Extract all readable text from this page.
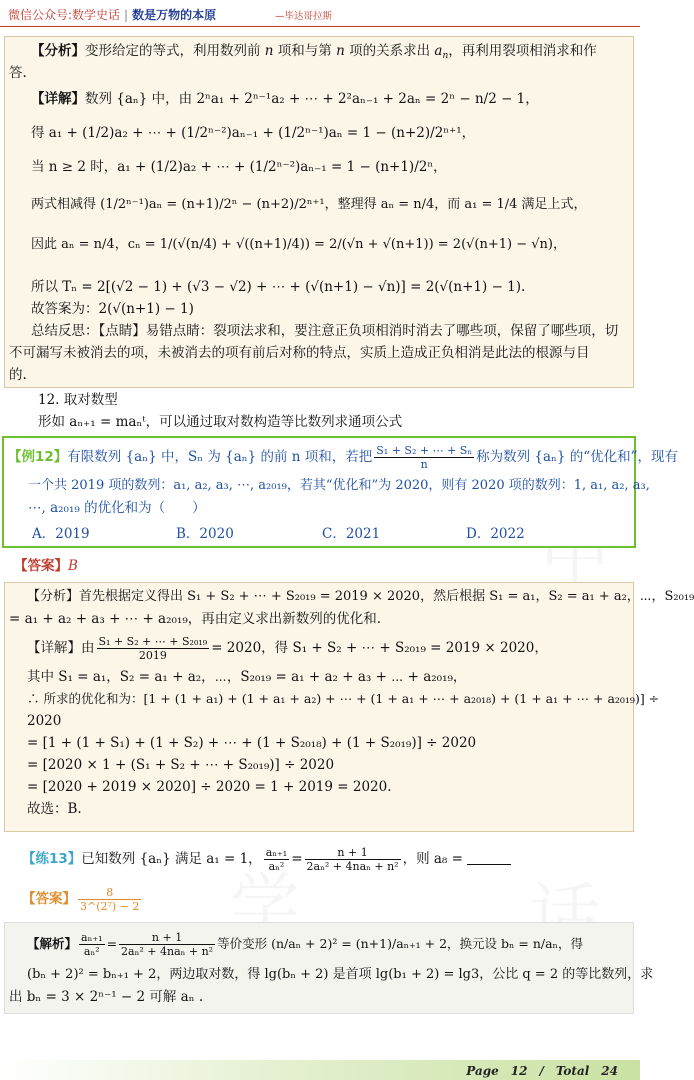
微信公众号:数学史话 | 数是万物的本原	—毕达哥拉斯
【分析】变形给定的等式，利用数列前 n 项和与第 n 项的关系求出 $a_n$，再利用裂项相消求和作
答.
【详解】数列 {aₙ} 中，由 2ⁿa₁ + 2ⁿ⁻¹a₂ + ⋯ + 2²aₙ₋₁ + 2aₙ = 2ⁿ − n/2 − 1，
得 a₁ + (1/2)a₂ + ⋯ + (1/2ⁿ⁻²)aₙ₋₁ + (1/2ⁿ⁻¹)aₙ = 1 − (n+2)/2ⁿ⁺¹，
当 n ≥ 2 时，a₁ + (1/2)a₂ + ⋯ + (1/2ⁿ⁻²)aₙ₋₁ = 1 − (n+1)/2ⁿ，
两式相减得 (1/2ⁿ⁻¹)aₙ = (n+1)/2ⁿ − (n+2)/2ⁿ⁺¹，整理得 aₙ = n/4，而 a₁ = 1/4 满足上式，
因此 aₙ = n/4，cₙ = 1/(√(n/4) + √((n+1)/4)) = 2/(√n + √(n+1)) = 2(√(n+1) − √n)，
所以 Tₙ = 2[(√2 − 1) + (√3 − √2) + ⋯ + (√(n+1) − √n)] = 2(√(n+1) − 1).
故答案为：2(√(n+1) − 1)
总结反思：【点睛】易错点睛：裂项法求和，要注意正负项相消时消去了哪些项，保留了哪些项，切
不可漏写未被消去的项，未被消去的项有前后对称的特点，实质上造成正负相消是此法的根源与目
的.
12. 取对数型
形如 aₙ₊₁ = maₙᵗ，可以通过取对数构造等比数列求通项公式
【例12】有限数列 {aₙ} 中，Sₙ 为 {aₙ} 的前 n 项和，若把 $\frac{\text{S₁ + S₂ + ⋯ + Sₙ}}{n}$ 称为数列 {aₙ} 的“优化和”，现有
一个共 2019 项的数列：a₁, a₂, a₃, ⋯, a₂₀₁₉，若其“优化和”为 2020，则有 2020 项的数列：1, a₁, a₂, a₃,
⋯, a₂₀₁₉ 的优化和为（　　）
A．2019	B．2020	C．2021	D．2022
【答案】B
【分析】首先根据定义得出 S₁ + S₂ + ⋯ + S₂₀₁₉ = 2019 × 2020，然后根据 S₁ = a₁，S₂ = a₁ + a₂，⋯，S₂₀₁₉
= a₁ + a₂ + a₃ + ⋯ + a₂₀₁₉，再由定义求出新数列的优化和.
【详解】由 $\frac{\text{S₁ + S₂ + ⋯ + S₂₀₁₉}}{2019} = 2020$，得 S₁ + S₂ + ⋯ + S₂₀₁₉ = 2019 × 2020，
其中 S₁ = a₁，S₂ = a₁ + a₂，⋯，S₂₀₁₉ = a₁ + a₂ + a₃ + ⋯ + a₂₀₁₉，
∴ 所求的优化和为：[1 + (1 + a₁) + (1 + a₁ + a₂) + ⋯ + (1 + a₁ + ⋯ + a₂₀₁₈) + (1 + a₁ + ⋯ + a₂₀₁₉)] ÷
2020
= [1 + (1 + S₁) + (1 + S₂) + ⋯ + (1 + S₂₀₁₈) + (1 + S₂₀₁₉)] ÷ 2020
= [2020 × 1 + (S₁ + S₂ + ⋯ + S₂₀₁₉)] ÷ 2020
= [2020 + 2019 × 2020] ÷ 2020 = 1 + 2019 = 2020.
故选：B.
【练13】已知数列 {aₙ} 满足 a₁ = 1， $\frac{\text{aₙ₊₁}}{\text{aₙ²}} = \frac{n + 1}{\text{2aₙ² + 4naₙ + n²}}$ ，则 a₈ =
【答案】 $\frac{8}{\text{3\textasciicircum{}(2⁷) − 2}}$
【解析】 $\frac{\text{aₙ₊₁}}{\text{aₙ²}} = \frac{n + 1}{\text{2aₙ² + 4naₙ + n²}}$ 等价变形 (n/aₙ + 2)² = (n+1)/aₙ₊₁ + 2，换元设 bₙ = n/aₙ，得
(bₙ + 2)² = bₙ₊₁ + 2，两边取对数，得 lg(bₙ + 2) 是首项 lg(b₁ + 2) = lg3，公比 q = 2 的等比数列，求
出 bₙ = 3 × 2ⁿ⁻¹ − 2 可解 aₙ .
Page　12　/　Total　24
